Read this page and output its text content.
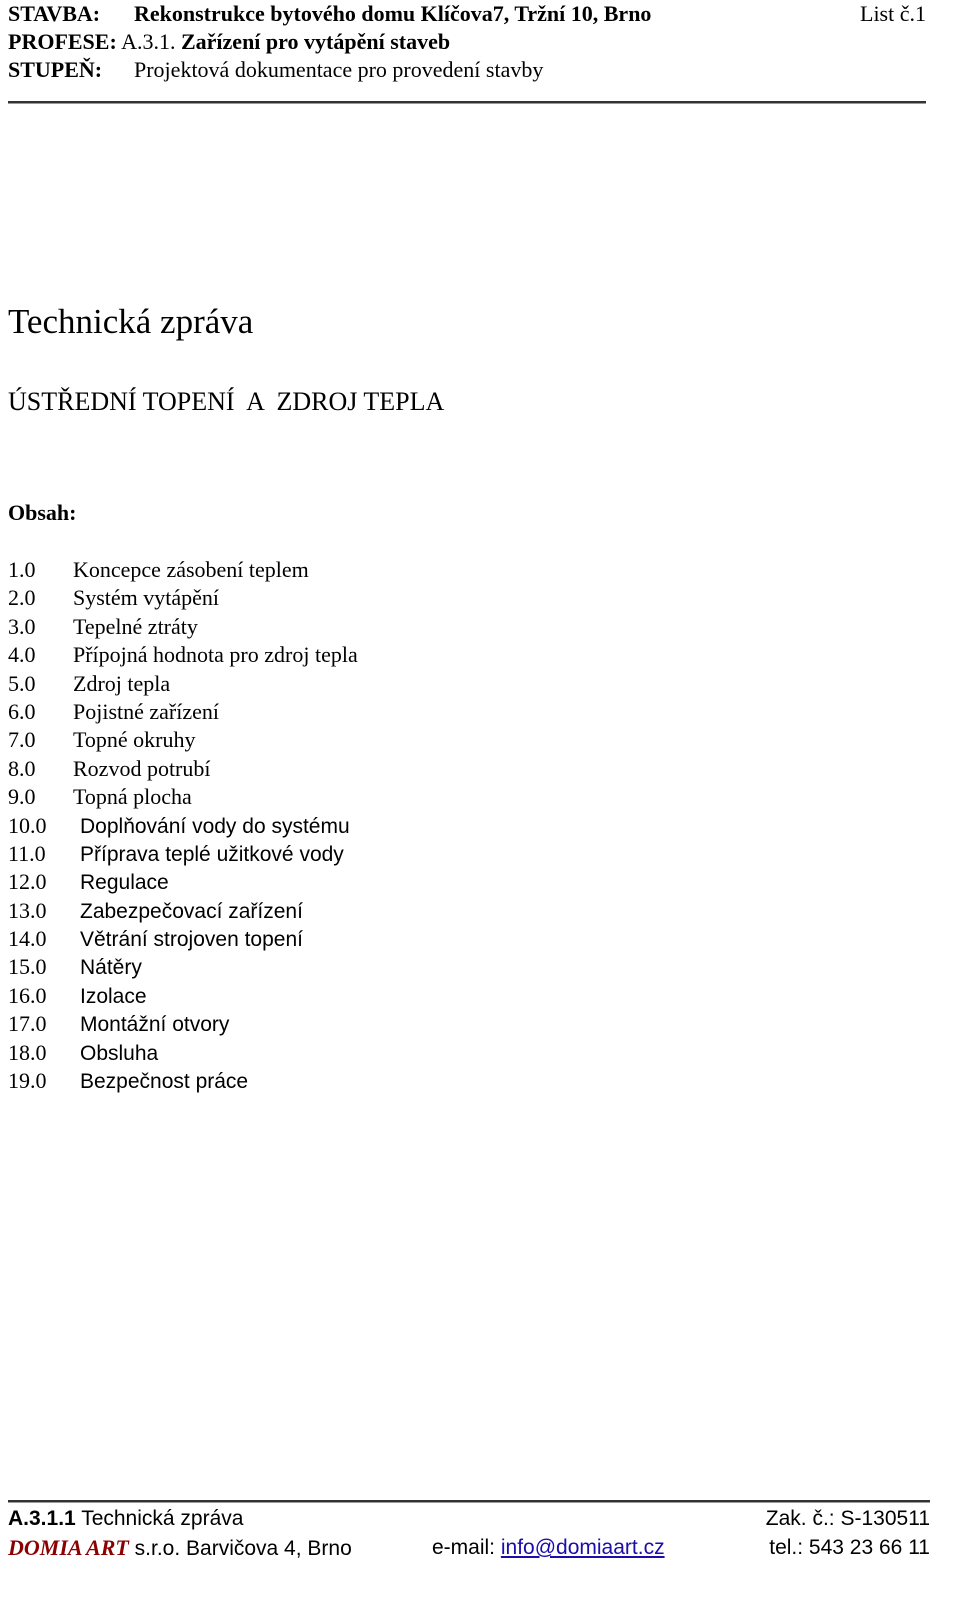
STAVBA: Rekonstrukce bytového domu Klíčova7, Tržní 10, Brno	List č.1
PROFESE: A.3.1. Zařízení pro vytápění staveb
STUPEŇ: Projektová dokumentace pro provedení stavby
Technická zpráva
ÚSTŘEDNÍ TOPENÍ  A  ZDROJ TEPLA
Obsah:
1.0 Koncepce zásobení teplem
2.0 Systém vytápění
3.0 Tepelné ztráty
4.0 Přípojná hodnota pro zdroj tepla
5.0 Zdroj tepla
6.0 Pojistné zařízení
7.0 Topné okruhy
8.0 Rozvod potrubí
9.0 Topná plocha
10.0 Doplňování vody do systému
11.0 Příprava teplé užitkové vody
12.0 Regulace
13.0 Zabezpečovací zařízení
14.0 Větrání strojoven topení
15.0 Nátěry
16.0 Izolace
17.0 Montážní otvory
18.0 Obsluha
19.0 Bezpečnost práce
A.3.1.1 Technická zpráva	Zak. č.: S-130511
DOMIA ART s.r.o. Barvičova 4, Brno	e-mail: info@domiaart.cz	tel.: 543 23 66 11
